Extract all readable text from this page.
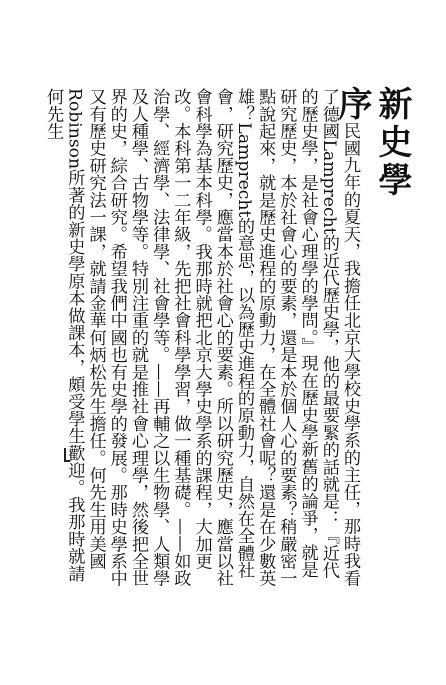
新史學序

民國九年的夏天，我擔任北京大學校史學系的主任，那時我看了德國Lamprecht的近代歷史學，他的最要緊的話就是：『近代的歷史學，是社會心理學的學問。』現在歷史學新舊的論爭，就是研究歷史，本於社會心的要素，還是本於個人心的要素？稍嚴密一點說起來，就是歷史進程的原動力，在全體社會呢？還是在少數英雄？Lamprecht的意思，以為歷史進程的原動力，自然在全體社會，研究歷史，應當本於社會心的要素。所以研究歷史，應當以社會科學為基本科學。我那時就把北京大學史學系的課程，大加更改。本科第一二年級，先把社會科學學習，做一種基礎。——如政治學、經濟學、法律學、社會學等。——再輔之以生物學、人類學及人種學、古物學等。特別注重的就是推社會心理學，然後把全世界的史，綜合研究。希望我們中國也有史學的發展。那時史學系中又有歷史研究法一課，就請金華何炳松先生擔任。何先生用美國Robinson所著的新史學原本做課本，頗受學生歡迎。我那時就請何先生
